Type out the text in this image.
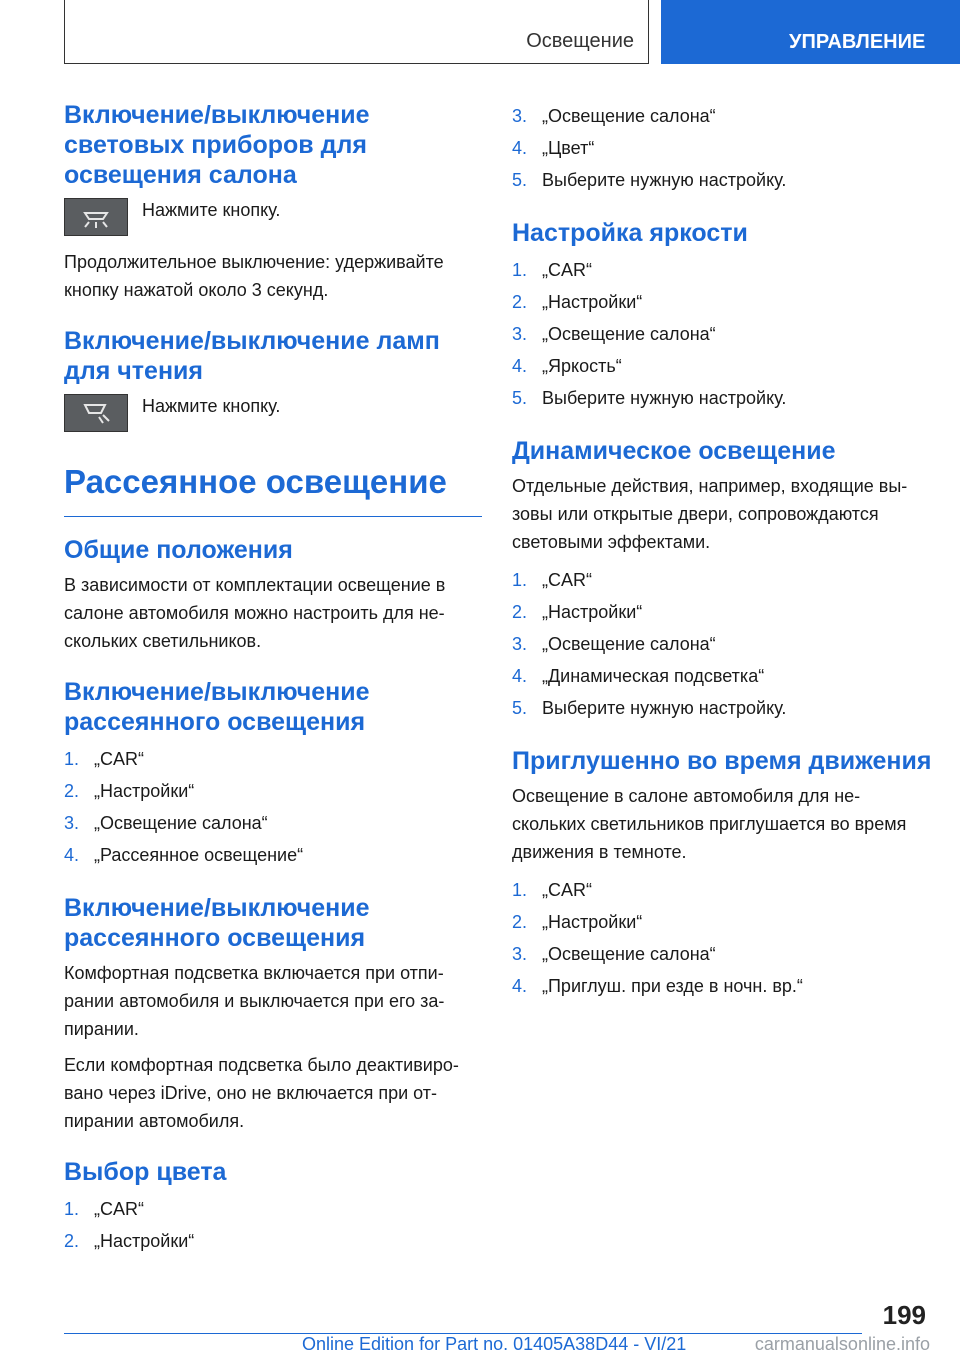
Освещение	УПРАВЛЕНИЕ
Включение/выключение световых приборов для освещения салона
Нажмите кнопку.
Продолжительное выключение: удерживайте кнопку нажатой около 3 секунд.
Включение/выключение ламп для чтения
Нажмите кнопку.
Рассеянное освещение
Общие положения
В зависимости от комплектации освещение в салоне автомобиля можно настроить для не-скольких светильников.
Включение/выключение рассеянного освещения
1. „CAR“
2. „Настройки“
3. „Освещение салона“
4. „Рассеянное освещение“
Включение/выключение рассеянного освещения
Комфортная подсветка включается при отпи-рании автомобиля и выключается при его за-пирании.
Если комфортная подсветка было деактивиро-вано через iDrive, оно не включается при от-пирании автомобиля.
Выбор цвета
1. „CAR“
2. „Настройки“
3. „Освещение салона“
4. „Цвет“
5. Выберите нужную настройку.
Настройка яркости
1. „CAR“
2. „Настройки“
3. „Освещение салона“
4. „Яркость“
5. Выберите нужную настройку.
Динамическое освещение
Отдельные действия, например, входящие вы-зовы или открытые двери, сопровождаются световыми эффектами.
1. „CAR“
2. „Настройки“
3. „Освещение салона“
4. „Динамическая подсветка“
5. Выберите нужную настройку.
Приглушенно во время движения
Освещение в салоне автомобиля для не-скольких светильников приглушается во время движения в темноте.
1. „CAR“
2. „Настройки“
3. „Освещение салона“
4. „Приглуш. при езде в ночн. вр.“
199
Online Edition for Part no. 01405A38D44 - VI/21	carmanualsonline.info
